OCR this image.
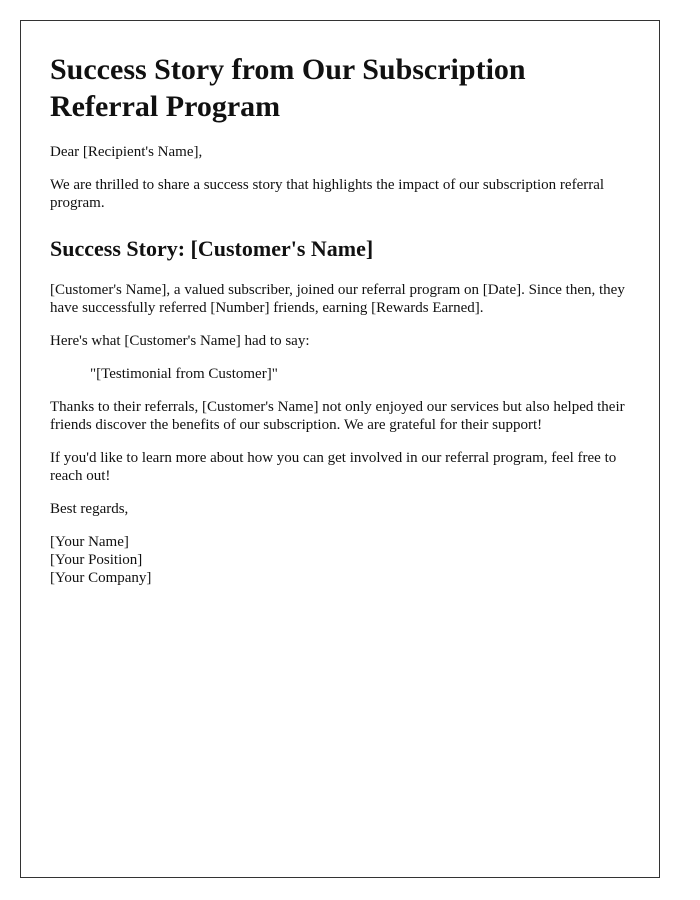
Success Story from Our Subscription Referral Program

Dear [Recipient's Name],

We are thrilled to share a success story that highlights the impact of our subscription referral program.

Success Story: [Customer's Name]

[Customer's Name], a valued subscriber, joined our referral program on [Date]. Since then, they have successfully referred [Number] friends, earning [Rewards Earned].

Here's what [Customer's Name] had to say:

"[Testimonial from Customer]"

Thanks to their referrals, [Customer's Name] not only enjoyed our services but also helped their friends discover the benefits of our subscription. We are grateful for their support!

If you'd like to learn more about how you can get involved in our referral program, feel free to reach out!

Best regards,

[Your Name]
[Your Position]
[Your Company]
